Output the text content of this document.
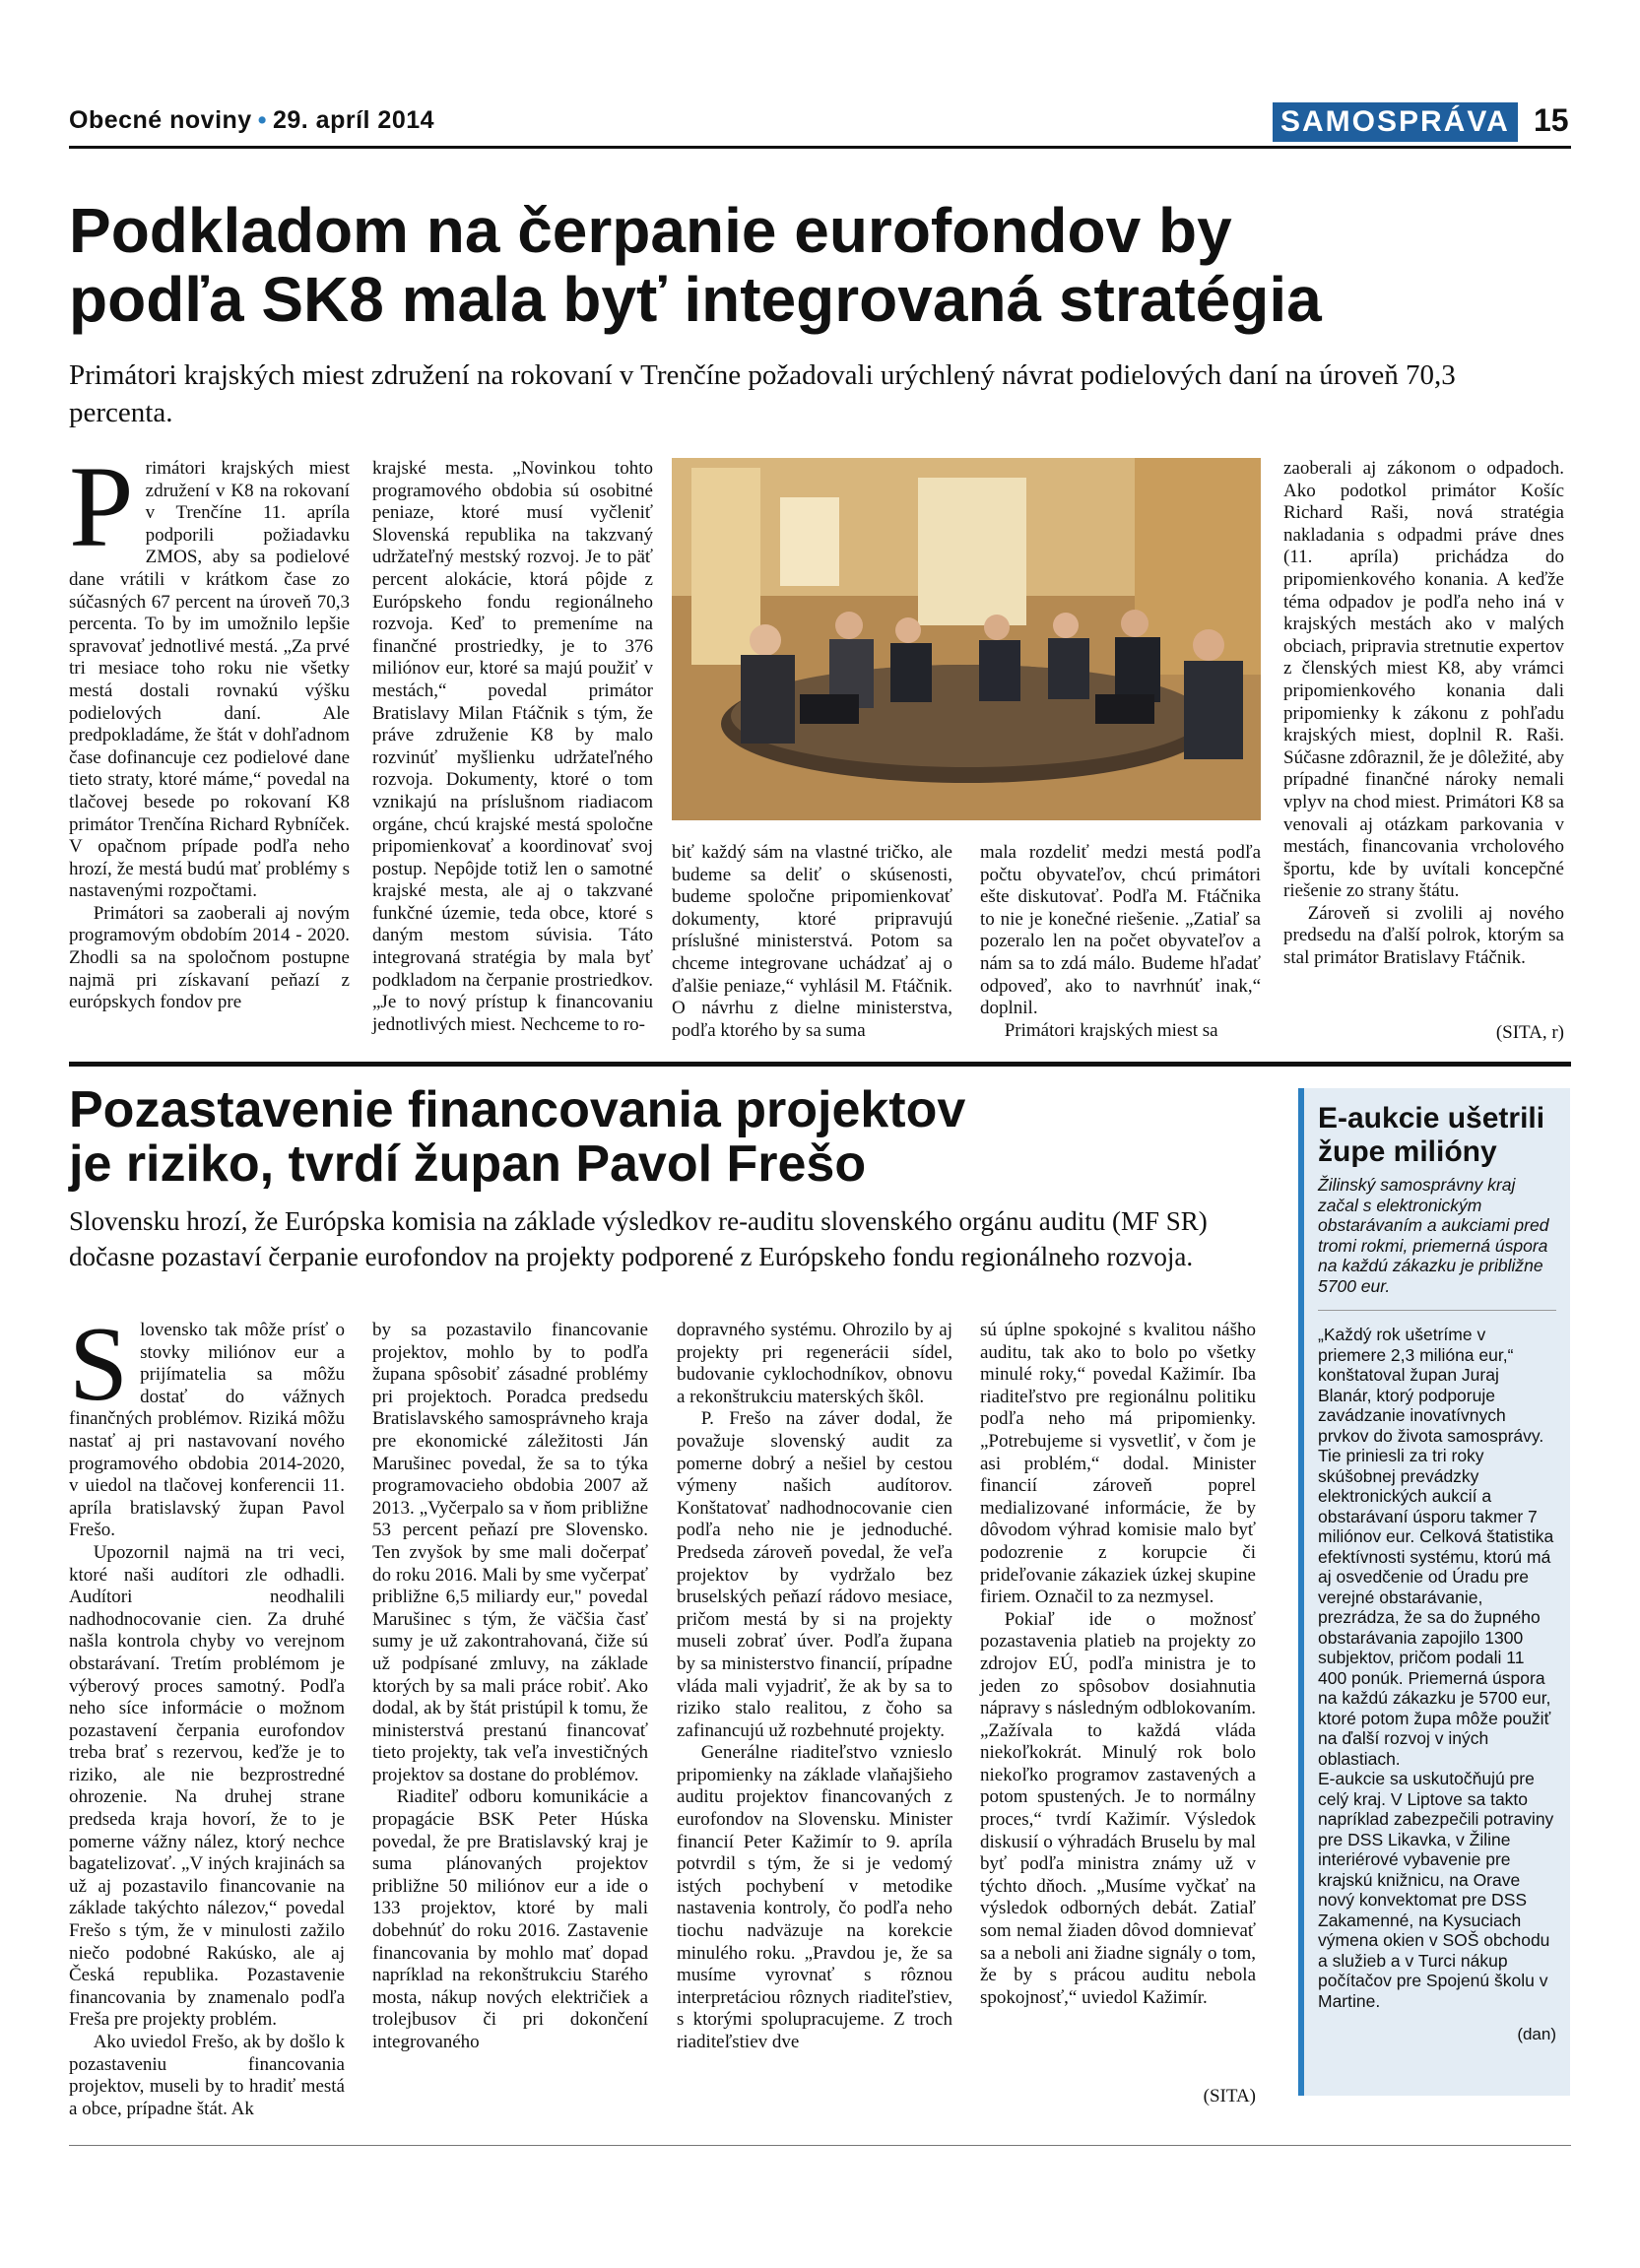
Obecné noviny • 29. apríl 2014	SAMOSPRÁVA 15
Podkladom na čerpanie eurofondov by
podľa SK8 mala byť integrovaná stratégia
Primátori krajských miest združení na rokovaní v Trenčíne požadovali urýchlený návrat podielových daní na úroveň 70,3 percenta.

Primátori krajských miest združení v K8 na rokovaní v Trenčíne 11. apríla podporili požiadavku ZMOS, aby sa podielové dane vrátili v krátkom čase zo súčasných 67 percent na úroveň 70,3 percenta. To by im umožnilo lepšie spravovať jednotlivé mestá. „Za prvé tri mesiace toho roku nie všetky mestá dostali rovnakú výšku podielových daní. Ale predpokladáme, že štát v dohľadnom čase dofinancuje cez podielové dane tieto straty, ktoré máme,“ povedal na tlačovej besede po rokovaní K8 primátor Trenčína Richard Rybníček. V opačnom prípade podľa neho hrozí, že mestá budú mať problémy s nastavenými rozpočtami.

Primátori sa zaoberali aj novým programovým obdobím 2014 - 2020. Zhodli sa na spoločnom postupne najmä pri získavaní peňazí z európskych fondov pre

krajské mesta. „Novinkou tohto programového obdobia sú osobitné peniaze, ktoré musí vyčleniť Slovenská republika na takzvaný udržateľný mestský rozvoj. Je to päť percent alokácie, ktorá pôjde z Európskeho fondu regionálneho rozvoja. Keď to premeníme na finančné prostriedky, je to 376 miliónov eur, ktoré sa majú použiť v mestách,“ povedal primátor Bratislavy Milan Ftáčnik s tým, že práve združenie K8 by malo rozvinúť myšlienku udržateľného rozvoja. Dokumenty, ktoré o tom vznikajú na príslušnom riadiacom orgáne, chcú krajské mestá spoločne pripomienkovať a koordinovať svoj postup. Nepôjde totiž len o samotné krajské mesta, ale aj o takzvané funkčné územie, teda obce, ktoré s daným mestom súvisia. Táto integrovaná stratégia by mala byť podkladom na čerpanie prostriedkov. „Je to nový prístup k financovaniu jednotlivých miest. Nechceme to ro-

biť každý sám na vlastné tričko, ale budeme sa deliť o skúsenosti, budeme spoločne pripomienkovať dokumenty, ktoré pripravujú príslušné ministerstvá. Potom sa chceme integrovane uchádzať aj o ďalšie peniaze,“ vyhlásil M. Ftáčnik. O návrhu z dielne ministerstva, podľa ktorého by sa suma

mala rozdeliť medzi mestá podľa počtu obyvateľov, chcú primátori ešte diskutovať. Podľa M. Ftáčnika to nie je konečné riešenie. „Zatiaľ sa pozeralo len na počet obyvateľov a nám sa to zdá málo. Budeme hľadať odpoveď, ako to navrhnúť inak,“ doplnil.

Primátori krajských miest sa

zaoberali aj zákonom o odpadoch. Ako podotkol primátor Košíc Richard Raši, nová stratégia nakladania s odpadmi práve dnes (11. apríla) prichádza do pripomienkového konania. A keďže téma odpadov je podľa neho iná v krajských mestách ako v malých obciach, pripravia stretnutie expertov z členských miest K8, aby vrámci pripomienkového konania dali pripomienky k zákonu z pohľadu krajských miest, doplnil R. Raši. Súčasne zdôraznil, že je dôležité, aby prípadné finančné nároky nemali vplyv na chod miest. Primátori K8 sa venovali aj otázkam parkovania v mestách, financovania vrcholového športu, kde by uvítali koncepčné riešenie zo strany štátu.

Zároveň si zvolili aj nového predsedu na ďalší polrok, ktorým sa stal primátor Bratislavy Ftáčnik.

(SITA, r)
Pozastavenie financovania projektov
je riziko, tvrdí župan Pavol Frešo
Slovensku hrozí, že Európska komisia na základe výsledkov re-auditu slovenského orgánu auditu (MF SR) dočasne pozastaví čerpanie eurofondov na projekty podporené z Európskeho fondu regionálneho rozvoja.

Slovensko tak môže prísť o stovky miliónov eur a prijímatelia sa môžu dostať do vážnych finančných problémov. Riziká môžu nastať aj pri nastavovaní nového programového obdobia 2014-2020, v uiedol na tlačovej konferencii 11. apríla bratislavský župan Pavol Frešo.

Upozornil najmä na tri veci, ktoré naši audítori zle odhadli. Audítori neodhalili nadhodnocovanie cien. Za druhé našla kontrola chyby vo verejnom obstarávaní. Tretím problémom je výberový proces samotný. Podľa neho síce informácie o možnom pozastavení čerpania eurofondov treba brať s rezervou, keďže je to riziko, ale nie bezprostredné ohrozenie. Na druhej strane predseda kraja hovorí, že to je pomerne vážny nález, ktorý nechce bagatelizovať. „V iných krajinách sa už aj pozastavilo financovanie na základe takýchto nálezov,“ povedal Frešo s tým, že v minulosti zažilo niečo podobné Rakúsko, ale aj Česká republika. Pozastavenie financovania by znamenalo podľa Freša pre projekty problém.

Ako uviedol Frešo, ak by došlo k pozastaveniu financovania projektov, museli by to hradiť mestá a obce, prípadne štát. Ak

by sa pozastavilo financovanie projektov, mohlo by to podľa župana spôsobiť zásadné problémy pri projektoch. Poradca predsedu Bratislavského samosprávneho kraja pre ekonomické záležitosti Ján Marušinec povedal, že sa to týka programovacieho obdobia 2007 až 2013. „Vyčerpalo sa v ňom približne 53 percent peňazí pre Slovensko. Ten zvyšok by sme mali dočerpať do roku 2016. Mali by sme vyčerpať približne 6,5 miliardy eur," povedal Marušinec s tým, že väčšia časť sumy je už zakontrahovaná, čiže sú už podpísané zmluvy, na základe ktorých by sa mali práce robiť. Ako dodal, ak by štát pristúpil k tomu, že ministerstvá prestanú financovať tieto projekty, tak veľa investičných projektov sa dostane do problémov.

Riaditeľ odboru komunikácie a propagácie BSK Peter Húska povedal, že pre Bratislavský kraj je suma plánovaných projektov približne 50 miliónov eur a ide o 133 projektov, ktoré by mali dobehnúť do roku 2016. Zastavenie financovania by mohlo mať dopad napríklad na rekonštrukciu Starého mosta, nákup nových električiek a trolejbusov či pri dokončení integrovaného

dopravného systému. Ohrozilo by aj projekty pri regenerácii sídel, budovanie cyklochodníkov, obnovu a rekonštrukciu materských škôl.

P. Frešo na záver dodal, že považuje slovenský audit za pomerne dobrý a nešiel by cestou výmeny našich audítorov. Konštatovať nadhodnocovanie cien podľa neho nie je jednoduché. Predseda zároveň povedal, že veľa projektov by vydržalo bez bruselských peňazí rádovo mesiace, pričom mestá by si na projekty museli zobrať úver. Podľa župana by sa ministerstvo financií, prípadne vláda mali vyjadriť, že ak by sa to riziko stalo realitou, z čoho sa zafinancujú už rozbehnuté projekty.

Generálne riaditeľstvo vznieslo pripomienky na základe vlaňajšieho auditu projektov financovaných z eurofondov na Slovensku. Minister financií Peter Kažimír to 9. apríla potvrdil s tým, že si je vedomý istých pochybení v metodike nastavenia kontroly, čo podľa neho tiochu nadväzuje na korekcie minulého roku. „Pravdou je, že sa musíme vyrovnať s rôznou interpretáciou rôznych riaditeľstiev, s ktorými spolupracujeme. Z troch riaditeľstiev dve

sú úplne spokojné s kvalitou nášho auditu, tak ako to bolo po všetky minulé roky,“ povedal Kažimír. Iba riaditeľstvo pre regionálnu politiku podľa neho má pripomienky. „Potrebujeme si vysvetliť, v čom je asi problém,“ dodal. Minister financií zároveň poprel medializované informácie, že by dôvodom výhrad komisie malo byť podozrenie z korupcie či prideľovanie zákaziek úzkej skupine firiem. Označil to za nezmysel.

Pokiaľ ide o možnosť pozastavenia platieb na projekty zo zdrojov EÚ, podľa ministra je to jeden zo spôsobov dosiahnutia nápravy s následným odblokovaním. „Zažívala to každá vláda niekoľkokrát. Minulý rok bolo niekoľko programov zastavených a potom spustených. Je to normálny proces,“ tvrdí Kažimír. Výsledok diskusií o výhradách Bruselu by mal byť podľa ministra známy už v týchto dňoch. „Musíme vyčkať na výsledok odborných debát. Zatiaľ som nemal žiaden dôvod domnievať sa a neboli ani žiadne signály o tom, že by s prácou auditu nebola spokojnosť,“ uviedol Kažimír.

(SITA)
E-aukcie ušetrili župe milióny
Žilinský samosprávny kraj začal s elektronickým obstarávaním a aukciami pred tromi rokmi, priemerná úspora na každú zákazku je približne 5700 eur.

„Každý rok ušetríme v priemere 2,3 milióna eur,“ konštatoval župan Juraj Blanár, ktorý podporuje zavádzanie inovatívnych prvkov do života samosprávy. Tie priniesli za tri roky skúšobnej prevádzky elektronických aukcií a obstarávaní úsporu takmer 7 miliónov eur. Celková štatistika efektívnosti systému, ktorú má aj osvedčenie od Úradu pre verejné obstarávanie, prezrádza, že sa do župného obstarávania zapojilo 1300 subjektov, pričom podali 11 400 ponúk. Priemerná úspora na každú zákazku je 5700 eur, ktoré potom župa môže použiť na ďalší rozvoj v iných oblastiach.

E-aukcie sa uskutočňujú pre celý kraj. V Liptove sa takto napríklad zabezpečili potraviny pre DSS Likavka, v Žiline interiérové vybavenie pre krajskú knižnicu, na Orave nový konvektomat pre DSS Zakamenné, na Kysuciach výmena okien v SOŠ obchodu a služieb a v Turci nákup počítačov pre Spojenú školu v Martine.

(dan)
